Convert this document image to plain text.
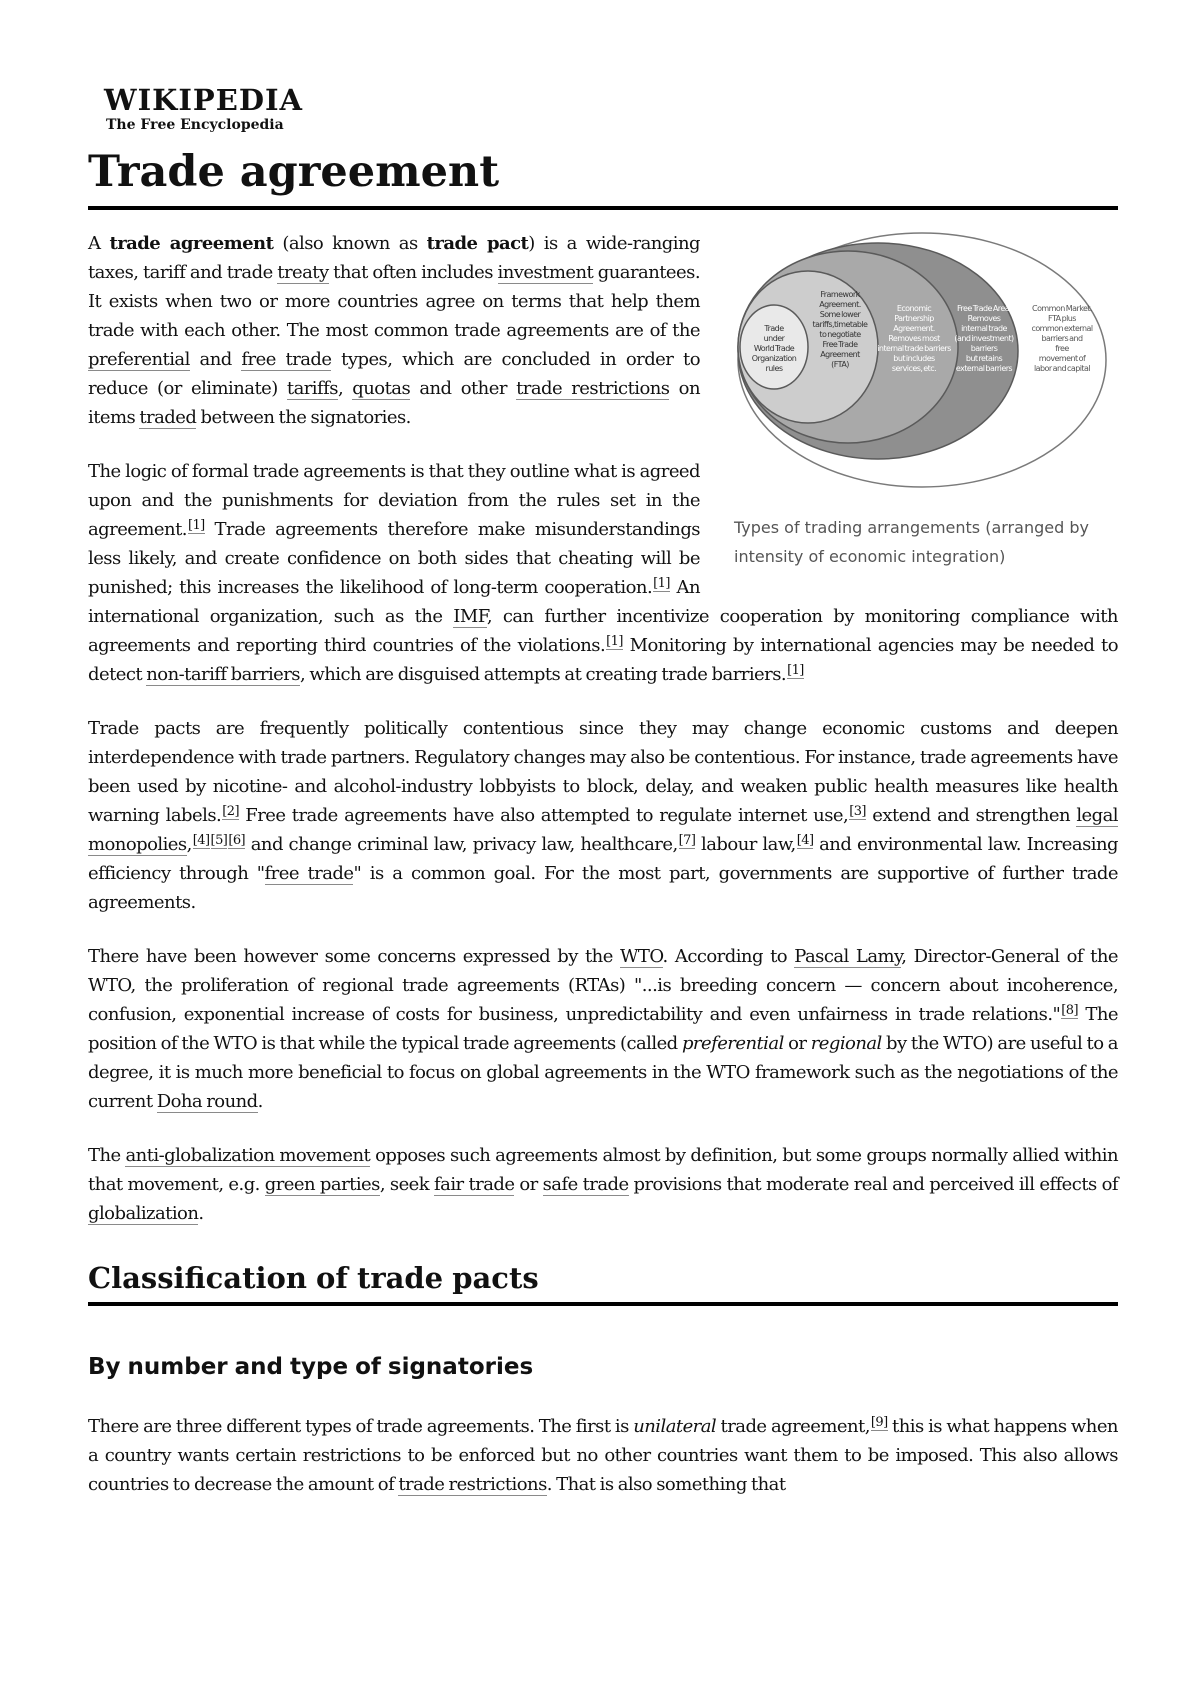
WIKIPEDIA
The Free Encyclopedia
Trade agreement
Trade under World Trade Organization rules
Framework Agreement. Some lower tariffs,timetable to negotiate Free Trade Agreement (FTA)
Economic Partnership Agreement. Removes most internal trade barriers but includes services, etc.
Free Trade Area. Removes internal trade (and investment) barriers but retains external barriers
Common Market. FTA plus common external barriers and free movement of labor and capital
Types of trading arrangements (arranged by intensity of economic integration)

A trade agreement (also known as trade pact) is a wide-ranging taxes, tariff and trade treaty that often includes investment guarantees. It exists when two or more countries agree on terms that help them trade with each other. The most common trade agreements are of the preferential and free trade types, which are concluded in order to reduce (or eliminate) tariffs, quotas and other trade restrictions on items traded between the signatories.

The logic of formal trade agreements is that they outline what is agreed upon and the punishments for deviation from the rules set in the agreement.[1] Trade agreements therefore make misunderstandings less likely, and create confidence on both sides that cheating will be punished; this increases the likelihood of long-term cooperation.[1] An international organization, such as the IMF, can further incentivize cooperation by monitoring compliance with agreements and reporting third countries of the violations.[1] Monitoring by international agencies may be needed to detect non-tariff barriers, which are disguised attempts at creating trade barriers.[1]

Trade pacts are frequently politically contentious since they may change economic customs and deepen interdependence with trade partners. Regulatory changes may also be contentious. For instance, trade agreements have been used by nicotine- and alcohol-industry lobbyists to block, delay, and weaken public health measures like health warning labels.[2] Free trade agreements have also attempted to regulate internet use,[3] extend and strengthen legal monopolies,[4][5][6] and change criminal law, privacy law, healthcare,[7] labour law,[4] and environmental law. Increasing efficiency through "free trade" is a common goal. For the most part, governments are supportive of further trade agreements.

There have been however some concerns expressed by the WTO. According to Pascal Lamy, Director-General of the WTO, the proliferation of regional trade agreements (RTAs) "...is breeding concern — concern about incoherence, confusion, exponential increase of costs for business, unpredictability and even unfairness in trade relations."[8] The position of the WTO is that while the typical trade agreements (called preferential or regional by the WTO) are useful to a degree, it is much more beneficial to focus on global agreements in the WTO framework such as the negotiations of the current Doha round.

The anti-globalization movement opposes such agreements almost by definition, but some groups normally allied within that movement, e.g. green parties, seek fair trade or safe trade provisions that moderate real and perceived ill effects of globalization.

Classification of trade pacts
By number and type of signatories

There are three different types of trade agreements. The first is unilateral trade agreement,[9] this is what happens when a country wants certain restrictions to be enforced but no other countries want them to be imposed. This also allows countries to decrease the amount of trade restrictions. That is also something that
